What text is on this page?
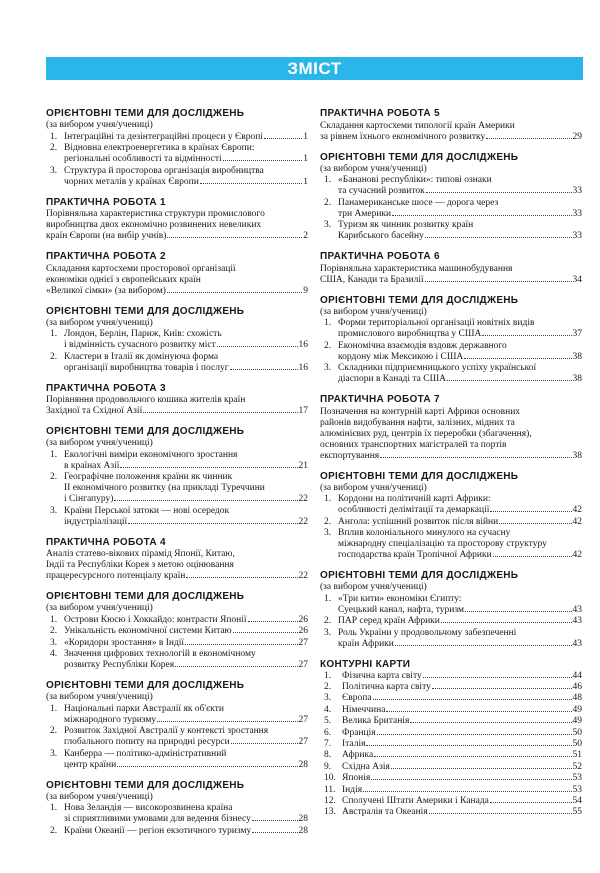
ЗМІСТ
ОРІЄНТОВНІ ТЕМИ ДЛЯ ДОСЛІДЖЕНЬ
(за вибором учня/учениці)
1. Інтеграційні та дезінтеграційні процеси у Європі	1
2. Відновна електроенергетика в країнах Європи:
регіональні особливості та відмінності	1
3. Структура й просторова організація виробництва
чорних металів у країнах Європи	1
ПРАКТИЧНА РОБОТА 1
Порівняльна характеристика структури промислового
виробництва двох економічно розвинених невеликих
країн Європи (на вибір учнів)	2
ПРАКТИЧНА РОБОТА 2
Складання картосхеми просторової організації
економіки однієї з європейських країн
«Великої сімки» (за вибором)	9
ОРІЄНТОВНІ ТЕМИ ДЛЯ ДОСЛІДЖЕНЬ
(за вибором учня/учениці)
1. Лондон, Берлін, Париж, Київ: схожість
і відмінність сучасного розвитку міст	16
2. Кластери в Італії як домінуюча форма
організації виробництва товарів і послуг	16
ПРАКТИЧНА РОБОТА 3
Порівняння продовольчого кошика жителів країн
Західної та Східної Азії	17
ОРІЄНТОВНІ ТЕМИ ДЛЯ ДОСЛІДЖЕНЬ
(за вибором учня/учениці)
1. Екологічні виміри економічного зростання
в країнах Азії	21
2. Географічне положення країни як чинник
ІІ економічного розвитку (на прикладі Туреччини
і Сінгапуру)	22
3. Країни Перської затоки — нові осередок
індустріалізації	22
ПРАКТИЧНА РОБОТА 4
Аналіз статево-вікових пірамід Японії, Китаю,
Індії та Республіки Корея з метою оцінювання
працересурсного потенціалу країн	22
ОРІЄНТОВНІ ТЕМИ ДЛЯ ДОСЛІДЖЕНЬ
(за вибором учня/учениці)
1. Острови Кюсю і Хоккайдо: контрасти Японії	26
2. Унікальність економічної системи Китаю	26
3. «Коридори зростання» в Індії	27
4. Значення цифрових технологій в економічному
розвитку Республіки Корея	27
ОРІЄНТОВНІ ТЕМИ ДЛЯ ДОСЛІДЖЕНЬ
(за вибором учня/учениці)
1. Національні парки Австралії як об'єкти
міжнародного туризму	27
2. Розвиток Західної Австралії у контексті зростання
глобального попиту на природні ресурси	27
3. Канберра — політико-адміністративний
центр країни	28
ОРІЄНТОВНІ ТЕМИ ДЛЯ ДОСЛІДЖЕНЬ
(за вибором учня/учениці)
1. Нова Зеландія — високорозвинена країна
зі сприятливими умовами для ведення бізнесу	28
2. Країни Океанії — регіон екзотичного туризму	28
ПРАКТИЧНА РОБОТА 5
Складання картосхеми типології країн Америки
за рівнем їхнього економічного розвитку	29
ОРІЄНТОВНІ ТЕМИ ДЛЯ ДОСЛІДЖЕНЬ
(за вибором учня/учениці)
1. «Бананові республіки»: типові ознаки
та сучасний розвиток	33
2. Панамериканське шосе — дорога через
три Америки	33
3. Туризм як чинник розвитку країн
Карибського басейну	33
ПРАКТИЧНА РОБОТА 6
Порівняльна характеристика машинобудування
США, Канади та Бразилії	34
ОРІЄНТОВНІ ТЕМИ ДЛЯ ДОСЛІДЖЕНЬ
(за вибором учня/учениці)
1. Форми територіальної організації новітніх видів
промислового виробництва у США	37
2. Економічна взаємодія вздовж державного
кордону між Мексикою і США	38
3. Складники підприємницького успіху української
діаспори в Канаді та США	38
ПРАКТИЧНА РОБОТА 7
Позначення на контурній карті Африки основних
районів видобування нафти, залізних, мідних та
алюмінієвих руд, центрів їх переробки (збагачення),
основних транспортних магістралей та портів
експортування	38
ОРІЄНТОВНІ ТЕМИ ДЛЯ ДОСЛІДЖЕНЬ
(за вибором учня/учениці)
1. Кордони на політичній карті Африки:
особливості делімітації та демаркації	42
2. Ангола: успішний розвиток після війни	42
3. Вплив колоніального минулого на сучасну
міжнародну спеціалізацію та просторову структуру
господарства країн Тропічної Африки	42
ОРІЄНТОВНІ ТЕМИ ДЛЯ ДОСЛІДЖЕНЬ
(за вибором учня/учениці)
1. «Три кити» економіки Єгипту:
Суецький канал, нафта, туризм	43
2. ПАР серед країн Африки	43
3. Роль України у продовольчому забезпеченні
країн Африки	43
КОНТУРНІ КАРТИ
1.	Фізична карта світу	44
2.	Політична карта світу	46
3.	Європа	48
4.	Німеччина	49
5.	Велика Британія	49
6.	Франція	50
7.	Італія	50
8.	Африка	51
9.	Східна Азія	52
10. Японія	53
11. Індія	53
12. Сполучені Штати Америки і Канада	54
13. Австралія та Океанія	55
